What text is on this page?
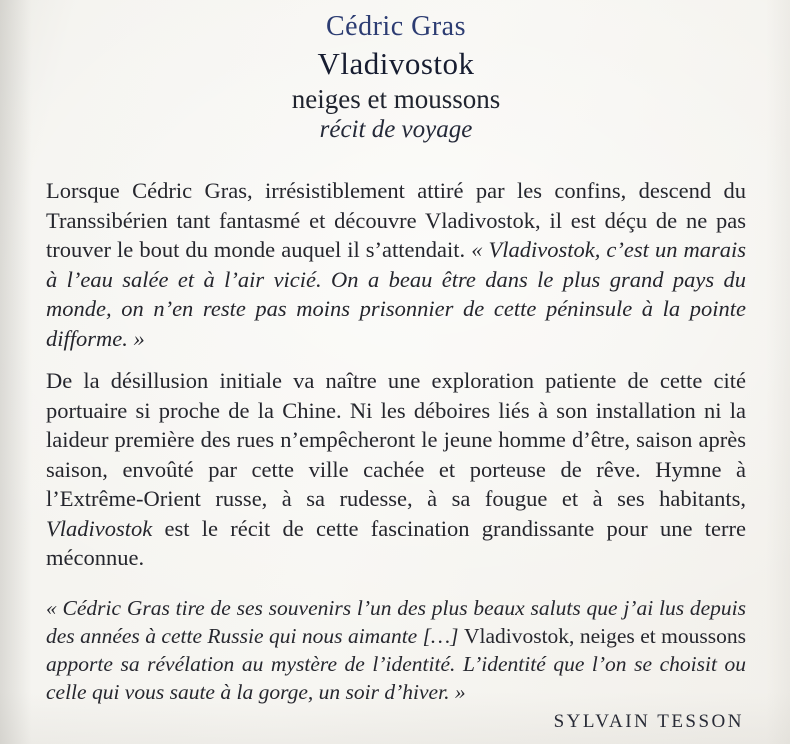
Cédric Gras
Vladivostok
neiges et moussons
récit de voyage

Lorsque Cédric Gras, irrésistiblement attiré par les confins, descend du Transsibérien tant fantasmé et découvre Vladivostok, il est déçu de ne pas trouver le bout du monde auquel il s’attendait. « Vladivostok, c’est un marais à l’eau salée et à l’air vicié. On a beau être dans le plus grand pays du monde, on n’en reste pas moins prisonnier de cette péninsule à la pointe difforme. »

De la désillusion initiale va naître une exploration patiente de cette cité portuaire si proche de la Chine. Ni les déboires liés à son installation ni la laideur première des rues n’empêcheront le jeune homme d’être, saison après saison, envoûté par cette ville cachée et porteuse de rêve. Hymne à l’Extrême-Orient russe, à sa rudesse, à sa fougue et à ses habitants, Vladivostok est le récit de cette fascination grandissante pour une terre méconnue.

« Cédric Gras tire de ses souvenirs l’un des plus beaux saluts que j’ai lus depuis des années à cette Russie qui nous aimante […] Vladivostok, neiges et moussons apporte sa révélation au mystère de l’identité. L’identité que l’on se choisit ou celle qui vous saute à la gorge, un soir d’hiver. »
SYLVAIN TESSON
